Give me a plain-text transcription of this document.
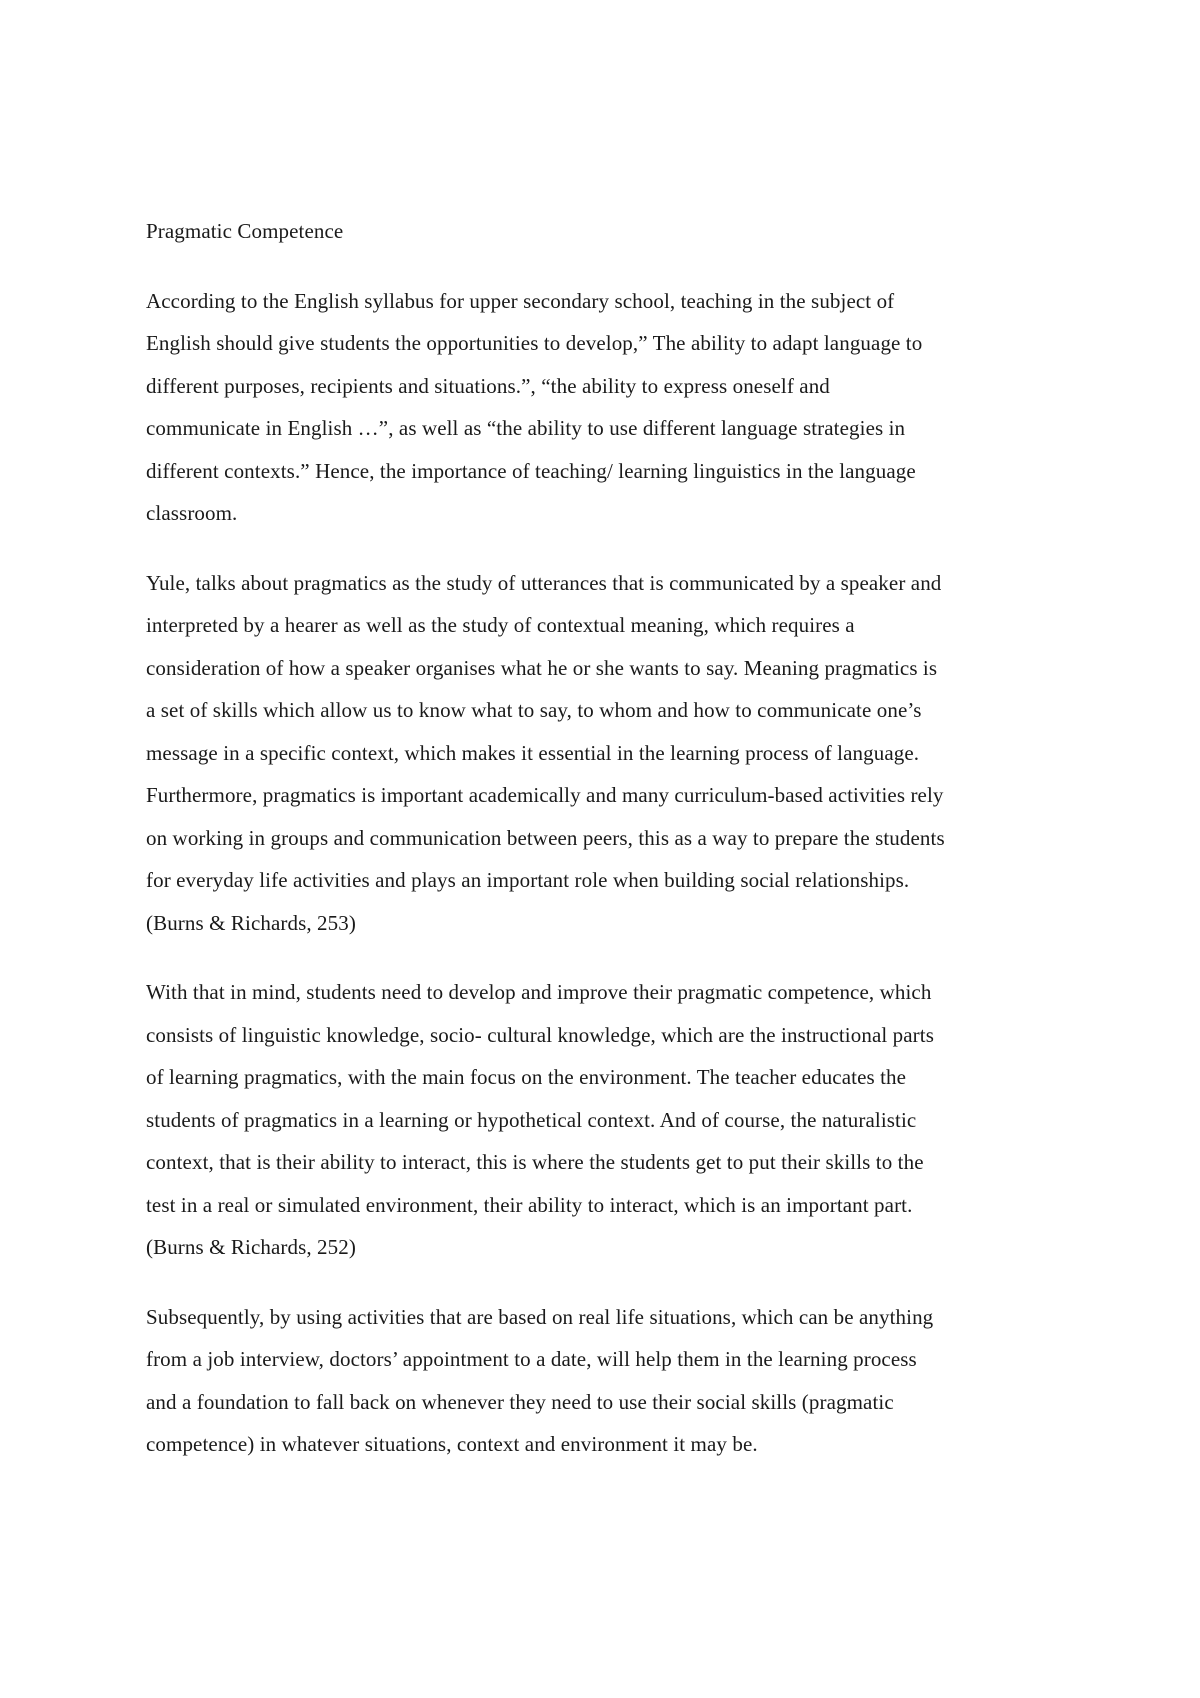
Pragmatic Competence
According to the English syllabus for upper secondary school, teaching in the subject of
English should give students the opportunities to develop,” The ability to adapt language to
different purposes, recipients and situations.”, “the ability to express oneself and
communicate in English …”, as well as “the ability to use different language strategies in
different contexts.” Hence, the importance of teaching/ learning linguistics in the language
classroom.
Yule, talks about pragmatics as the study of utterances that is communicated by a speaker and
interpreted by a hearer as well as the study of contextual meaning, which requires a
consideration of how a speaker organises what he or she wants to say. Meaning pragmatics is
a set of skills which allow us to know what to say, to whom and how to communicate one’s
message in a specific context, which makes it essential in the learning process of language.
Furthermore, pragmatics is important academically and many curriculum-based activities rely
on working in groups and communication between peers, this as a way to prepare the students
for everyday life activities and plays an important role when building social relationships.
(Burns & Richards, 253)
With that in mind, students need to develop and improve their pragmatic competence, which
consists of linguistic knowledge, socio- cultural knowledge, which are the instructional parts
of learning pragmatics, with the main focus on the environment. The teacher educates the
students of pragmatics in a learning or hypothetical context. And of course, the naturalistic
context, that is their ability to interact, this is where the students get to put their skills to the
test in a real or simulated environment, their ability to interact, which is an important part.
(Burns & Richards, 252)
Subsequently, by using activities that are based on real life situations, which can be anything
from a job interview, doctors’ appointment to a date, will help them in the learning process
and a foundation to fall back on whenever they need to use their social skills (pragmatic
competence) in whatever situations, context and environment it may be.
